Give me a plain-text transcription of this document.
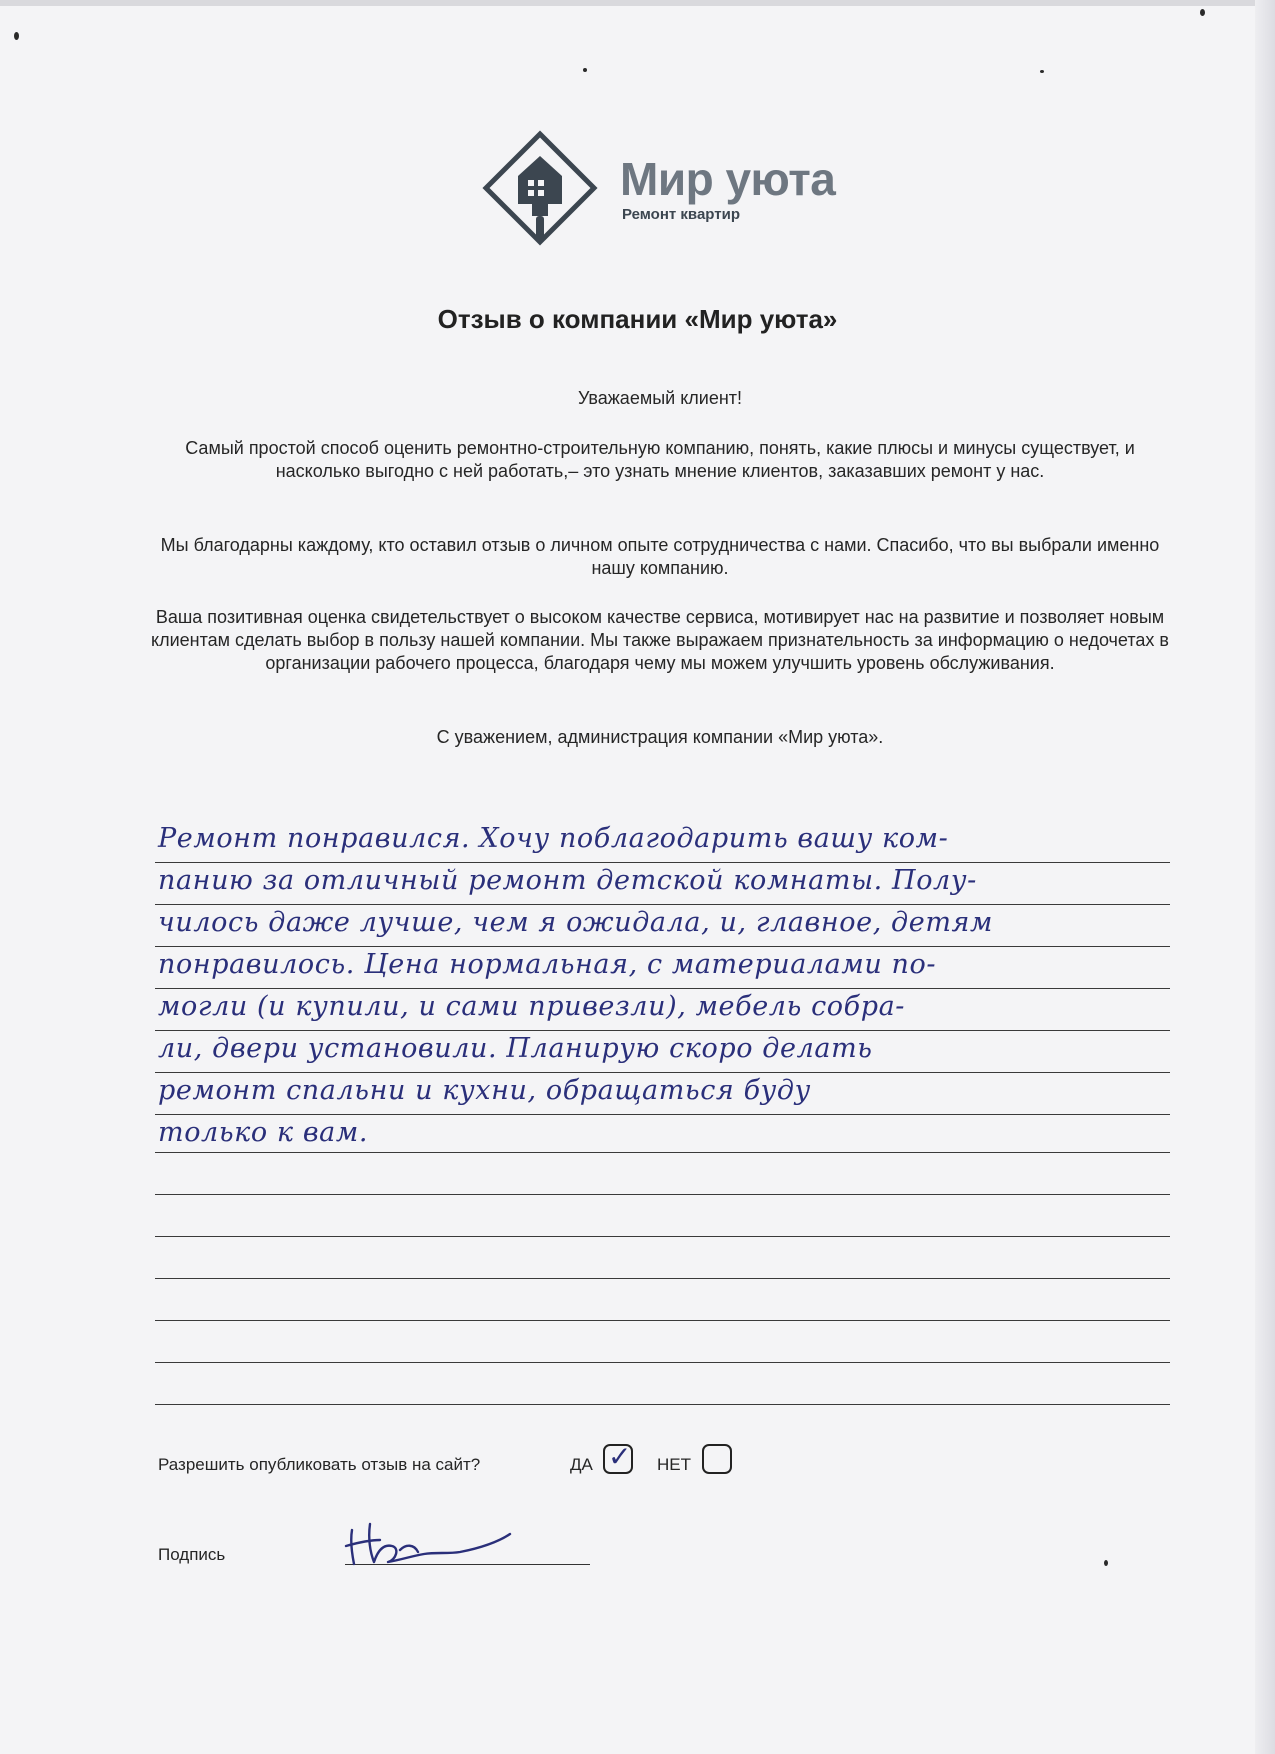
Мир уюта
Ремонт квартир
Отзыв о компании «Мир уюта»

Уважаемый клиент!

Самый простой способ оценить ремонтно-строительную компанию, понять, какие плюсы и минусы существует, и насколько выгодно с ней работать,– это узнать мнение клиентов, заказавших ремонт у нас.

Мы благодарны каждому, кто оставил отзыв о личном опыте сотрудничества с нами. Спасибо, что вы выбрали именно нашу компанию.

Ваша позитивная оценка свидетельствует о высоком качестве сервиса, мотивирует нас на развитие и позволяет новым клиентам сделать выбор в пользу нашей компании. Мы также выражаем признательность за информацию о недочетах в организации рабочего процесса, благодаря чему мы можем улучшить уровень обслуживания.

С уважением, администрация компании «Мир уюта».

Ремонт понравился. Хочу поблагодарить вашу ком-
панию за отличный ремонт детской комнаты. Полу-
чилось даже лучше, чем я ожидала, и, главное, детям
понравилось. Цена нормальная, с материалами по-
могли (и купили, и сами привезли), мебель собра-
ли, двери установили. Планирую скоро делать
ремонт спальни и кухни, обращаться буду
только к вам.
Разрешить опубликовать отзыв на сайт?	ДА ✓ НЕТ
Подпись
